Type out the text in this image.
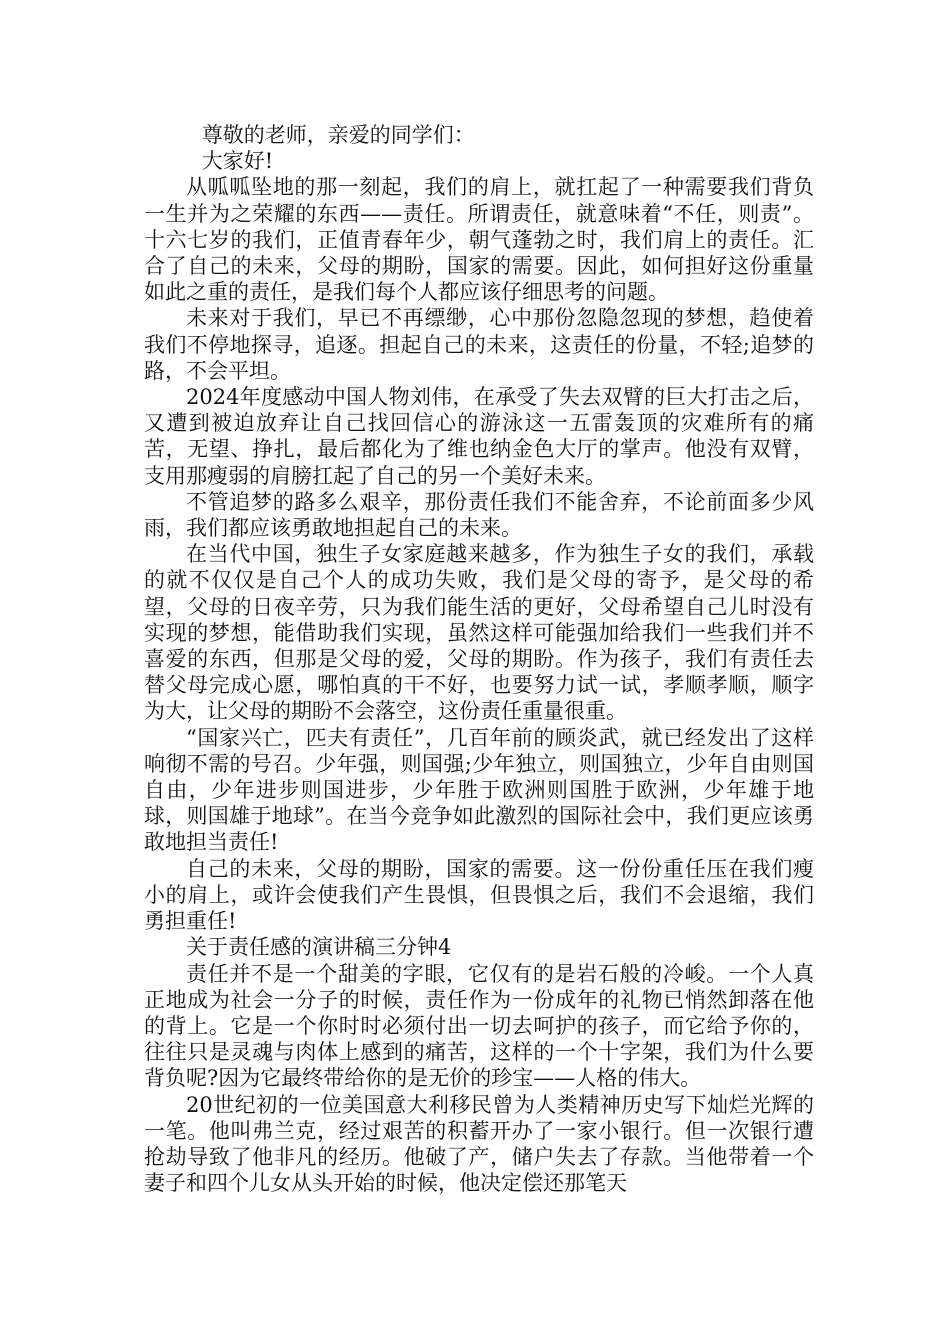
尊敬的老师，亲爱的同学们：

大家好!

从呱呱坠地的那一刻起，我们的肩上，就扛起了一种需要我们背负一生并为之荣耀的东西——责任。所谓责任，就意味着“不任，则责”。十六七岁的我们，正值青春年少，朝气蓬勃之时，我们肩上的责任。汇合了自己的未来，父母的期盼，国家的需要。因此，如何担好这份重量如此之重的责任，是我们每个人都应该仔细思考的问题。

未来对于我们，早已不再缥缈，心中那份忽隐忽现的梦想，趋使着我们不停地探寻，追逐。担起自己的未来，这责任的份量，不轻;追梦的路，不会平坦。

2024年度感动中国人物刘伟，在承受了失去双臂的巨大打击之后，又遭到被迫放弃让自己找回信心的游泳这一五雷轰顶的灾难所有的痛苦，无望、挣扎，最后都化为了维也纳金色大厅的掌声。他没有双臂，支用那瘦弱的肩膀扛起了自己的另一个美好未来。

不管追梦的路多么艰辛，那份责任我们不能舍弃，不论前面多少风雨，我们都应该勇敢地担起自己的未来。

在当代中国，独生子女家庭越来越多，作为独生子女的我们，承载的就不仅仅是自己个人的成功失败，我们是父母的寄予，是父母的希望，父母的日夜辛劳，只为我们能生活的更好，父母希望自己儿时没有实现的梦想，能借助我们实现，虽然这样可能强加给我们一些我们并不喜爱的东西，但那是父母的爱，父母的期盼。作为孩子，我们有责任去替父母完成心愿，哪怕真的干不好，也要努力试一试，孝顺孝顺，顺字为大，让父母的期盼不会落空，这份责任重量很重。

“国家兴亡，匹夫有责任”，几百年前的顾炎武，就已经发出了这样响彻不需的号召。少年强，则国强;少年独立，则国独立，少年自由则国自由，少年进步则国进步，少年胜于欧洲则国胜于欧洲，少年雄于地球，则国雄于地球”。在当今竞争如此激烈的国际社会中，我们更应该勇敢地担当责任!

自己的未来，父母的期盼，国家的需要。这一份份重任压在我们瘦小的肩上，或许会使我们产生畏惧，但畏惧之后，我们不会退缩，我们勇担重任!

关于责任感的演讲稿三分钟4

责任并不是一个甜美的字眼，它仅有的是岩石般的冷峻。一个人真正地成为社会一分子的时候，责任作为一份成年的礼物已悄然卸落在他的背上。它是一个你时时必须付出一切去呵护的孩子，而它给予你的，往往只是灵魂与肉体上感到的痛苦，这样的一个十字架，我们为什么要背负呢?因为它最终带给你的是无价的珍宝——人格的伟大。

20世纪初的一位美国意大利移民曾为人类精神历史写下灿烂光辉的一笔。他叫弗兰克，经过艰苦的积蓄开办了一家小银行。但一次银行遭抢劫导致了他非凡的经历。他破了产，储户失去了存款。当他带着一个妻子和四个儿女从头开始的时候，他决定偿还那笔天
